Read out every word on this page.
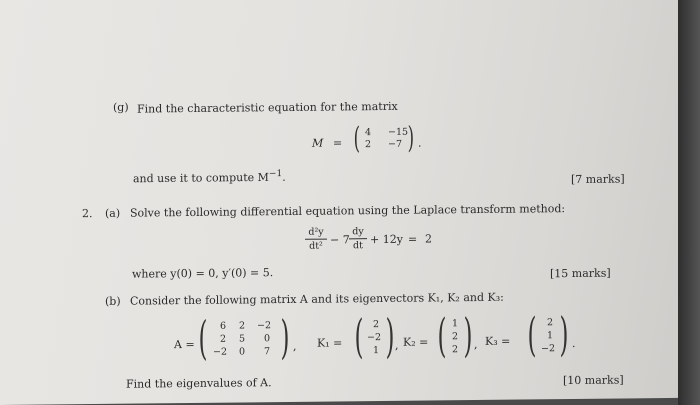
(g) Find the characteristic equation for the matrix
M = ( 4 −15
2 −7 ) .
and use it to compute $M^{-1}$.	[7 marks]
2. (a) Solve the following differential equation using the Laplace transform method:
d²y
dt² − 7
dy
dt + 12y = 2
where y(0) = 0, y′(0) = 5.	[15 marks]
(b) Consider the following matrix A and its eigenvectors K₁, K₂ and K₃:
A = ( 6 2 −2
2 5 0
−2 0 7 ) , K₁ = ( 2
−2
1 ) , K₂ = ( 1
2
2 ) , K₃ = ( 2
1
−2 ) .
Find the eigenvalues of A.	[10 marks]
